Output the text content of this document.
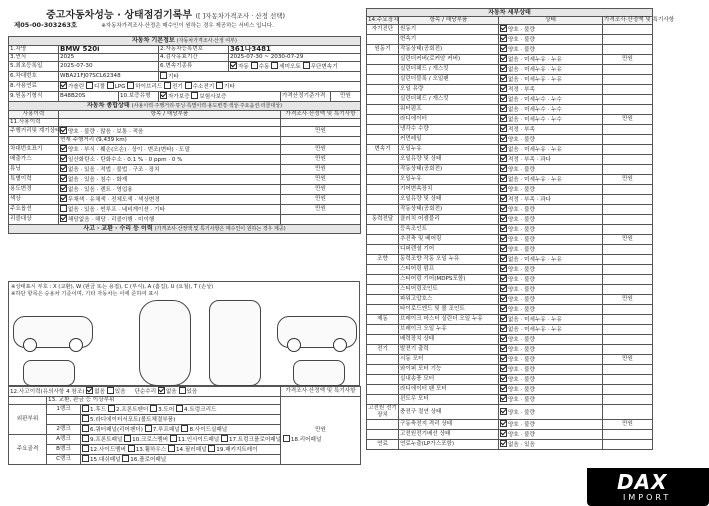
중고자동차성능 · 상태점검기록부 ([ ]자동차가격조사 · 산정 선택)
제05-00-303263호	※자동차가격조사·산정은 매수인이 원하는 경우 제공하는 서비스 입니다.
자동차 기본정보 (자동차가격조사·산정 여부)						
1.차명	BMW 520i		2.자동차등록번호	361나3481		
3.연식	2025		4.검사유효기간	2025-07-30 ~ 2030-07-29		
5.최초등록일	2025-07-30		6.변속기종류	자동 수동 세미오토 무단변속기		
6.차대번호	WBA21FJ07SCL62348		기타			
8.사용연료	가솔린 디젤 LPG 하이브리드 전기 수소전기 기타					
9.원동기형식	B48B20S	10.보증유형	자가보증 보험사보증		가격산정기준가격	만원
자동차 종합상태 (사용이력·주행거리·튜닝·특별이력·용도변경·색상·주요옵션·리콜대상)						
사용이력	항목 / 해당부품				가격조사·산정액 및 특기사항	
11.사용이력						
주행거리및 계기상태	양호 · 불량 · 많음 · 보통 · 적음				만원	
	현재 주행거리 (9,439 km)					
차대번호표기	양호 · 부식 · 훼손(오손) · 상이 · 변조(변타) · 도말				만원	
배출가스	일산화탄소 · 탄화수소 · 0.1 % · 0 ppm · 0 %				만원	
튜닝	없음 · 있음 · 적법 · 불법 · 구조 · 장치				만원	
특별이력	없음 · 있음 · 침수 · 화재				만원	
용도변경	없음 · 있음 · 렌트 · 영업용				만원	
색상	무채색 · 유채색 · 전체도색 · 색상변경				만원	
주요옵션	없음 · 있음 · 썬루프 · 네비게이션 · 기타				만원	
리콜대상	해당없음 · 해당 · 리콜이행 · 미이행					
사고 · 교환 · 수리 등 이력 (가격조사·산정액 및 특기사항은 매수인이 원하는 경우 제공)						
※상태표시 부호 : X (교환), W (판금 또는 용접), C (부식), A (흠집), U (요철), T (손상)
※하단 항목은 승용차 기준이며, 기타 자동차는 이에 준하여 표시
12.사고이력(유의사항 4 참조) 없음 있음 단순수리 없음 있음			가격조사·산정액 및 특기사항
	13. 교환, 판금 등 이상부위		만원
외판부위	1랭크	1.후드 2.프론트펜더 3.도어 4.트렁크리드	
		5.라디에이터서포트(볼트체결부품)	
	2랭크	6.쿼터패널(리어펜더) 7.루프패널 8.사이드실패널	
주요골격	A랭크	9.프론트패널 10.크로스멤버 11.인사이드패널 17.트렁크플로어패널 18.리어패널	
	B랭크	12.사이드멤버 13.휠하우스 14.필러패널 19.패키지트레이	
	C랭크	15.대쉬패널 16.플로어패널	
자동차 세부상태			
14.주요장치	항목 / 해당부품	상태	가격조사·산정액 및 특기사항
자기진단	원동기	양호 · 불량	
	변속기	양호 · 불량	
원동기	작동상태(공회전)	양호 · 불량	
	실린더커버(로커암 커버)	없음 · 미세누유 · 누유	만원
	실린더헤드 / 개스킷	없음 · 미세누유 · 누유	
	실린더블록 / 오일팬	없음 · 미세누유 · 누유	
	오일 유량	적정 · 부족	
	실린더헤드 / 개스킷	없음 · 미세누수 · 누수	
	워터펌프	없음 · 미세누수 · 누수	
	라디에이터	없음 · 미세누수 · 누수	만원
	냉각수 수량	적정 · 부족	
	커먼레일	양호 · 불량	
변속기	오일누유	없음 · 미세누유 · 누유	
	오일유량 및 상태	적정 · 부족 · 과다	
	작동상태(공회전)	양호 · 불량	
	오일누유	없음 · 미세누유 · 누유	만원
	기어변속장치	양호 · 불량	
	오일유량 및 상태	적정 · 부족 · 과다	
	작동상태(공회전)	양호 · 불량	
동력전달	클러치 어셈블리	양호 · 불량	
	등속조인트	양호 · 불량	
	추진축 및 베어링	양호 · 불량	만원
	디퍼렌셜 기어	양호 · 불량	
조향	동력조향 작동 오일 누유	없음 · 미세누유 · 누유	
	스티어링 펌프	양호 · 불량	
	스티어링 기어(MDPS포함)	양호 · 불량	
	스티어링조인트	양호 · 불량	
	파워고압호스	양호 · 불량	만원
	타이로드엔드 및 볼 조인트	양호 · 불량	
제동	브레이크 마스터 실린더 오일 누유	없음 · 미세누유 · 누유	
	브레이크 오일 누유	없음 · 미세누유 · 누유	
	배력장치 상태	양호 · 불량	
전기	발전기 출력	양호 · 불량	
	시동 모터	양호 · 불량	만원
	와이퍼 모터 기능	양호 · 불량	
	실내송풍 모터	양호 · 불량	
	라디에이터 팬 모터	양호 · 불량	
	윈도우 모터	양호 · 불량	
고전원 전기장치	충전구 절연 상태	양호 · 불량	
	구동축전지 격리 상태	양호 · 불량	만원
	고전원전기배선 상태	양호 · 불량	
연료	연료누출(LP가스포함)	없음 · 있음	
DAX
IMPORT
